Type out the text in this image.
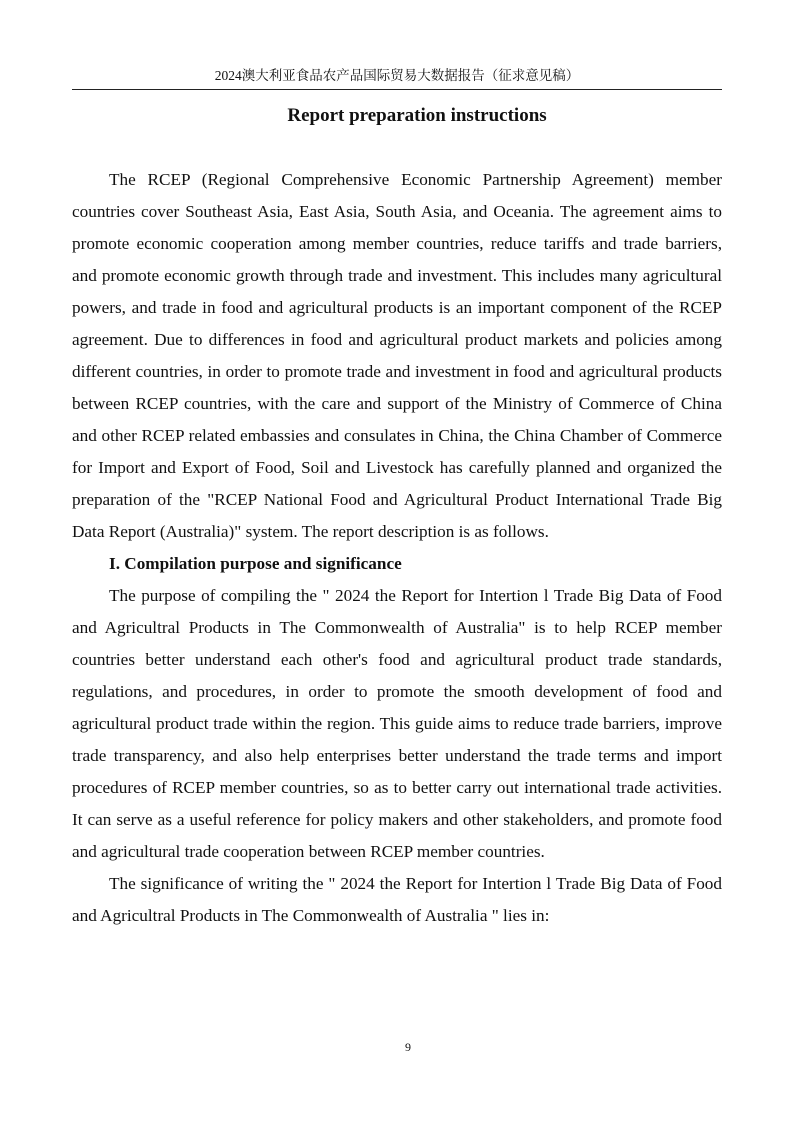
2024澳大利亚食品农产品国际贸易大数据报告（征求意见稿）
Report preparation instructions

The RCEP (Regional Comprehensive Economic Partnership Agreement) member countries cover Southeast Asia, East Asia, South Asia, and Oceania. The agreement aims to promote economic cooperation among member countries, reduce tariffs and trade barriers, and promote economic growth through trade and investment. This includes many agricultural powers, and trade in food and agricultural products is an important component of the RCEP agreement. Due to differences in food and agricultural product markets and policies among different countries, in order to promote trade and investment in food and agricultural products between RCEP countries, with the care and support of the Ministry of Commerce of China and other RCEP related embassies and consulates in China, the China Chamber of Commerce for Import and Export of Food, Soil and Livestock has carefully planned and organized the preparation of the "RCEP National Food and Agricultural Product International Trade Big Data Report (Australia)" system. The report description is as follows.

I. Compilation purpose and significance

The purpose of compiling the " 2024 the Report for Intertion l Trade Big Data of Food and Agricultral Products in The Commonwealth of Australia" is to help RCEP member countries better understand each other's food and agricultural product trade standards, regulations, and procedures, in order to promote the smooth development of food and agricultural product trade within the region. This guide aims to reduce trade barriers, improve trade transparency, and also help enterprises better understand the trade terms and import procedures of RCEP member countries, so as to better carry out international trade activities. It can serve as a useful reference for policy makers and other stakeholders, and promote food and agricultural trade cooperation between RCEP member countries.

The significance of writing the " 2024 the Report for Intertion l Trade Big Data of Food and Agricultral Products in The Commonwealth of Australia " lies in:

9
